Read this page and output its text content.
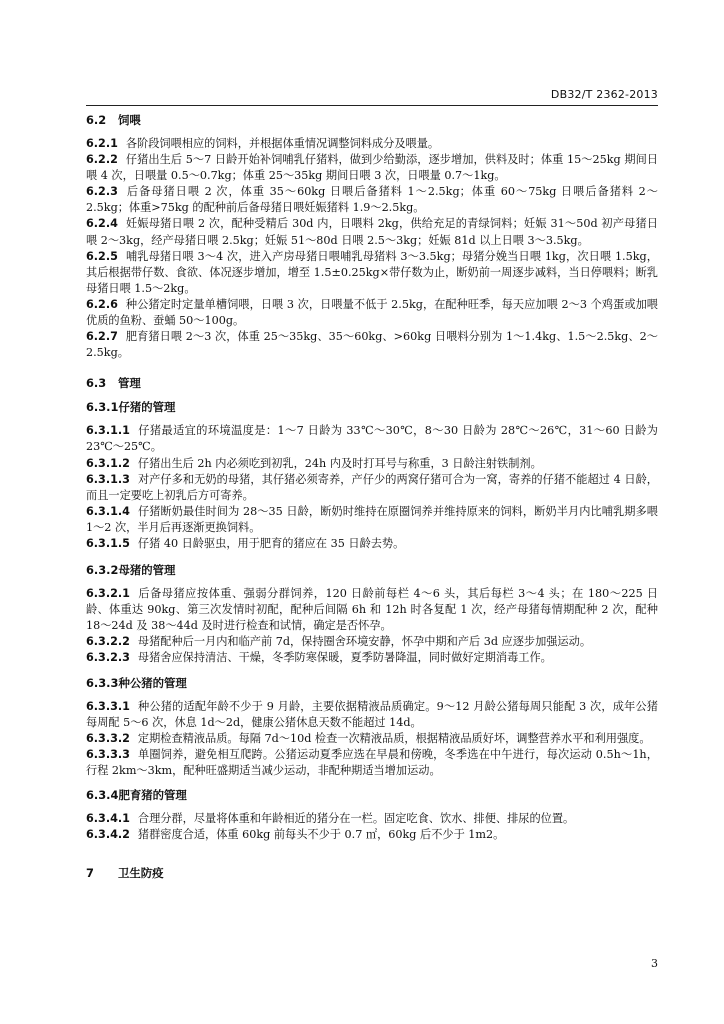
DB32/T 2362-2013
6.2 饲喂

6.2.1 各阶段饲喂相应的饲料，并根据体重情况调整饲料成分及喂量。

6.2.2 仔猪出生后 5～7 日龄开始补饲哺乳仔猪料，做到少给勤添，逐步增加，供料及时；体重 15～25kg 期间日喂 4 次，日喂量 0.5～0.7kg；体重 25～35kg 期间日喂 3 次，日喂量 0.7～1kg。

6.2.3 后备母猪日喂 2 次，体重 35～60kg 日喂后备猪料 1～2.5kg；体重 60～75kg 日喂后备猪料 2～2.5kg；体重>75kg 的配种前后备母猪日喂妊娠猪料 1.9～2.5kg。

6.2.4 妊娠母猪日喂 2 次，配种受精后 30d 内，日喂料 2kg，供给充足的青绿饲料；妊娠 31～50d 初产母猪日喂 2～3kg，经产母猪日喂 2.5kg；妊娠 51～80d 日喂 2.5～3kg；妊娠 81d 以上日喂 3～3.5kg。

6.2.5 哺乳母猪日喂 3～4 次，进入产房母猪日喂哺乳母猪料 3～3.5kg；母猪分娩当日喂 1kg，次日喂 1.5kg，其后根据带仔数、食欲、体况逐步增加，增至 1.5±0.25kg×带仔数为止，断奶前一周逐步减料，当日停喂料；断乳母猪日喂 1.5～2kg。

6.2.6 种公猪定时定量单槽饲喂，日喂 3 次，日喂量不低于 2.5kg，在配种旺季，每天应加喂 2～3 个鸡蛋或加喂优质的鱼粉、蚕蛹 50～100g。

6.2.7 肥育猪日喂 2～3 次，体重 25～35kg、35～60kg、>60kg 日喂料分别为 1～1.4kg、1.5～2.5kg、2～2.5kg。

6.3 管理
6.3.1仔猪的管理

6.3.1.1 仔猪最适宜的环境温度是：1～7 日龄为 33℃～30℃，8～30 日龄为 28℃～26℃，31～60 日龄为 23℃～25℃。

6.3.1.2 仔猪出生后 2h 内必须吃到初乳，24h 内及时打耳号与称重，3 日龄注射铁制剂。

6.3.1.3 对产仔多和无奶的母猪，其仔猪必须寄养，产仔少的两窝仔猪可合为一窝，寄养的仔猪不能超过 4 日龄，而且一定要吃上初乳后方可寄养。

6.3.1.4 仔猪断奶最佳时间为 28～35 日龄，断奶时维持在原圈饲养并维持原来的饲料，断奶半月内比哺乳期多喂 1～2 次，半月后再逐渐更换饲料。

6.3.1.5 仔猪 40 日龄驱虫，用于肥育的猪应在 35 日龄去势。

6.3.2母猪的管理

6.3.2.1 后备母猪应按体重、强弱分群饲养，120 日龄前每栏 4～6 头，其后每栏 3～4 头；在 180～225 日龄、体重达 90kg、第三次发情时初配，配种后间隔 6h 和 12h 时各复配 1 次，经产母猪每情期配种 2 次，配种 18～24d 及 38～44d 及时进行检查和试情，确定是否怀孕。

6.3.2.2 母猪配种后一月内和临产前 7d，保持圈舍环境安静，怀孕中期和产后 3d 应逐步加强运动。

6.3.2.3 母猪舍应保持清洁、干燥，冬季防寒保暖，夏季防暑降温，同时做好定期消毒工作。

6.3.3种公猪的管理

6.3.3.1 种公猪的适配年龄不少于 9 月龄，主要依据精液品质确定。9～12 月龄公猪每周只能配 3 次，成年公猪每周配 5～6 次，休息 1d～2d，健康公猪休息天数不能超过 14d。

6.3.3.2 定期检查精液品质。每隔 7d～10d 检查一次精液品质，根据精液品质好坏，调整营养水平和利用强度。

6.3.3.3 单圈饲养，避免相互爬跨。公猪运动夏季应选在早晨和傍晚，冬季选在中午进行，每次运动 0.5h～1h，行程 2km～3km，配种旺盛期适当减少运动，非配种期适当增加运动。

6.3.4肥育猪的管理

6.3.4.1 合理分群，尽量将体重和年龄相近的猪分在一栏。固定吃食、饮水、排便、排尿的位置。

6.3.4.2 猪群密度合适，体重 60kg 前每头不少于 0.7 ㎡，60kg 后不少于 1m2。

7 卫生防疫
3
